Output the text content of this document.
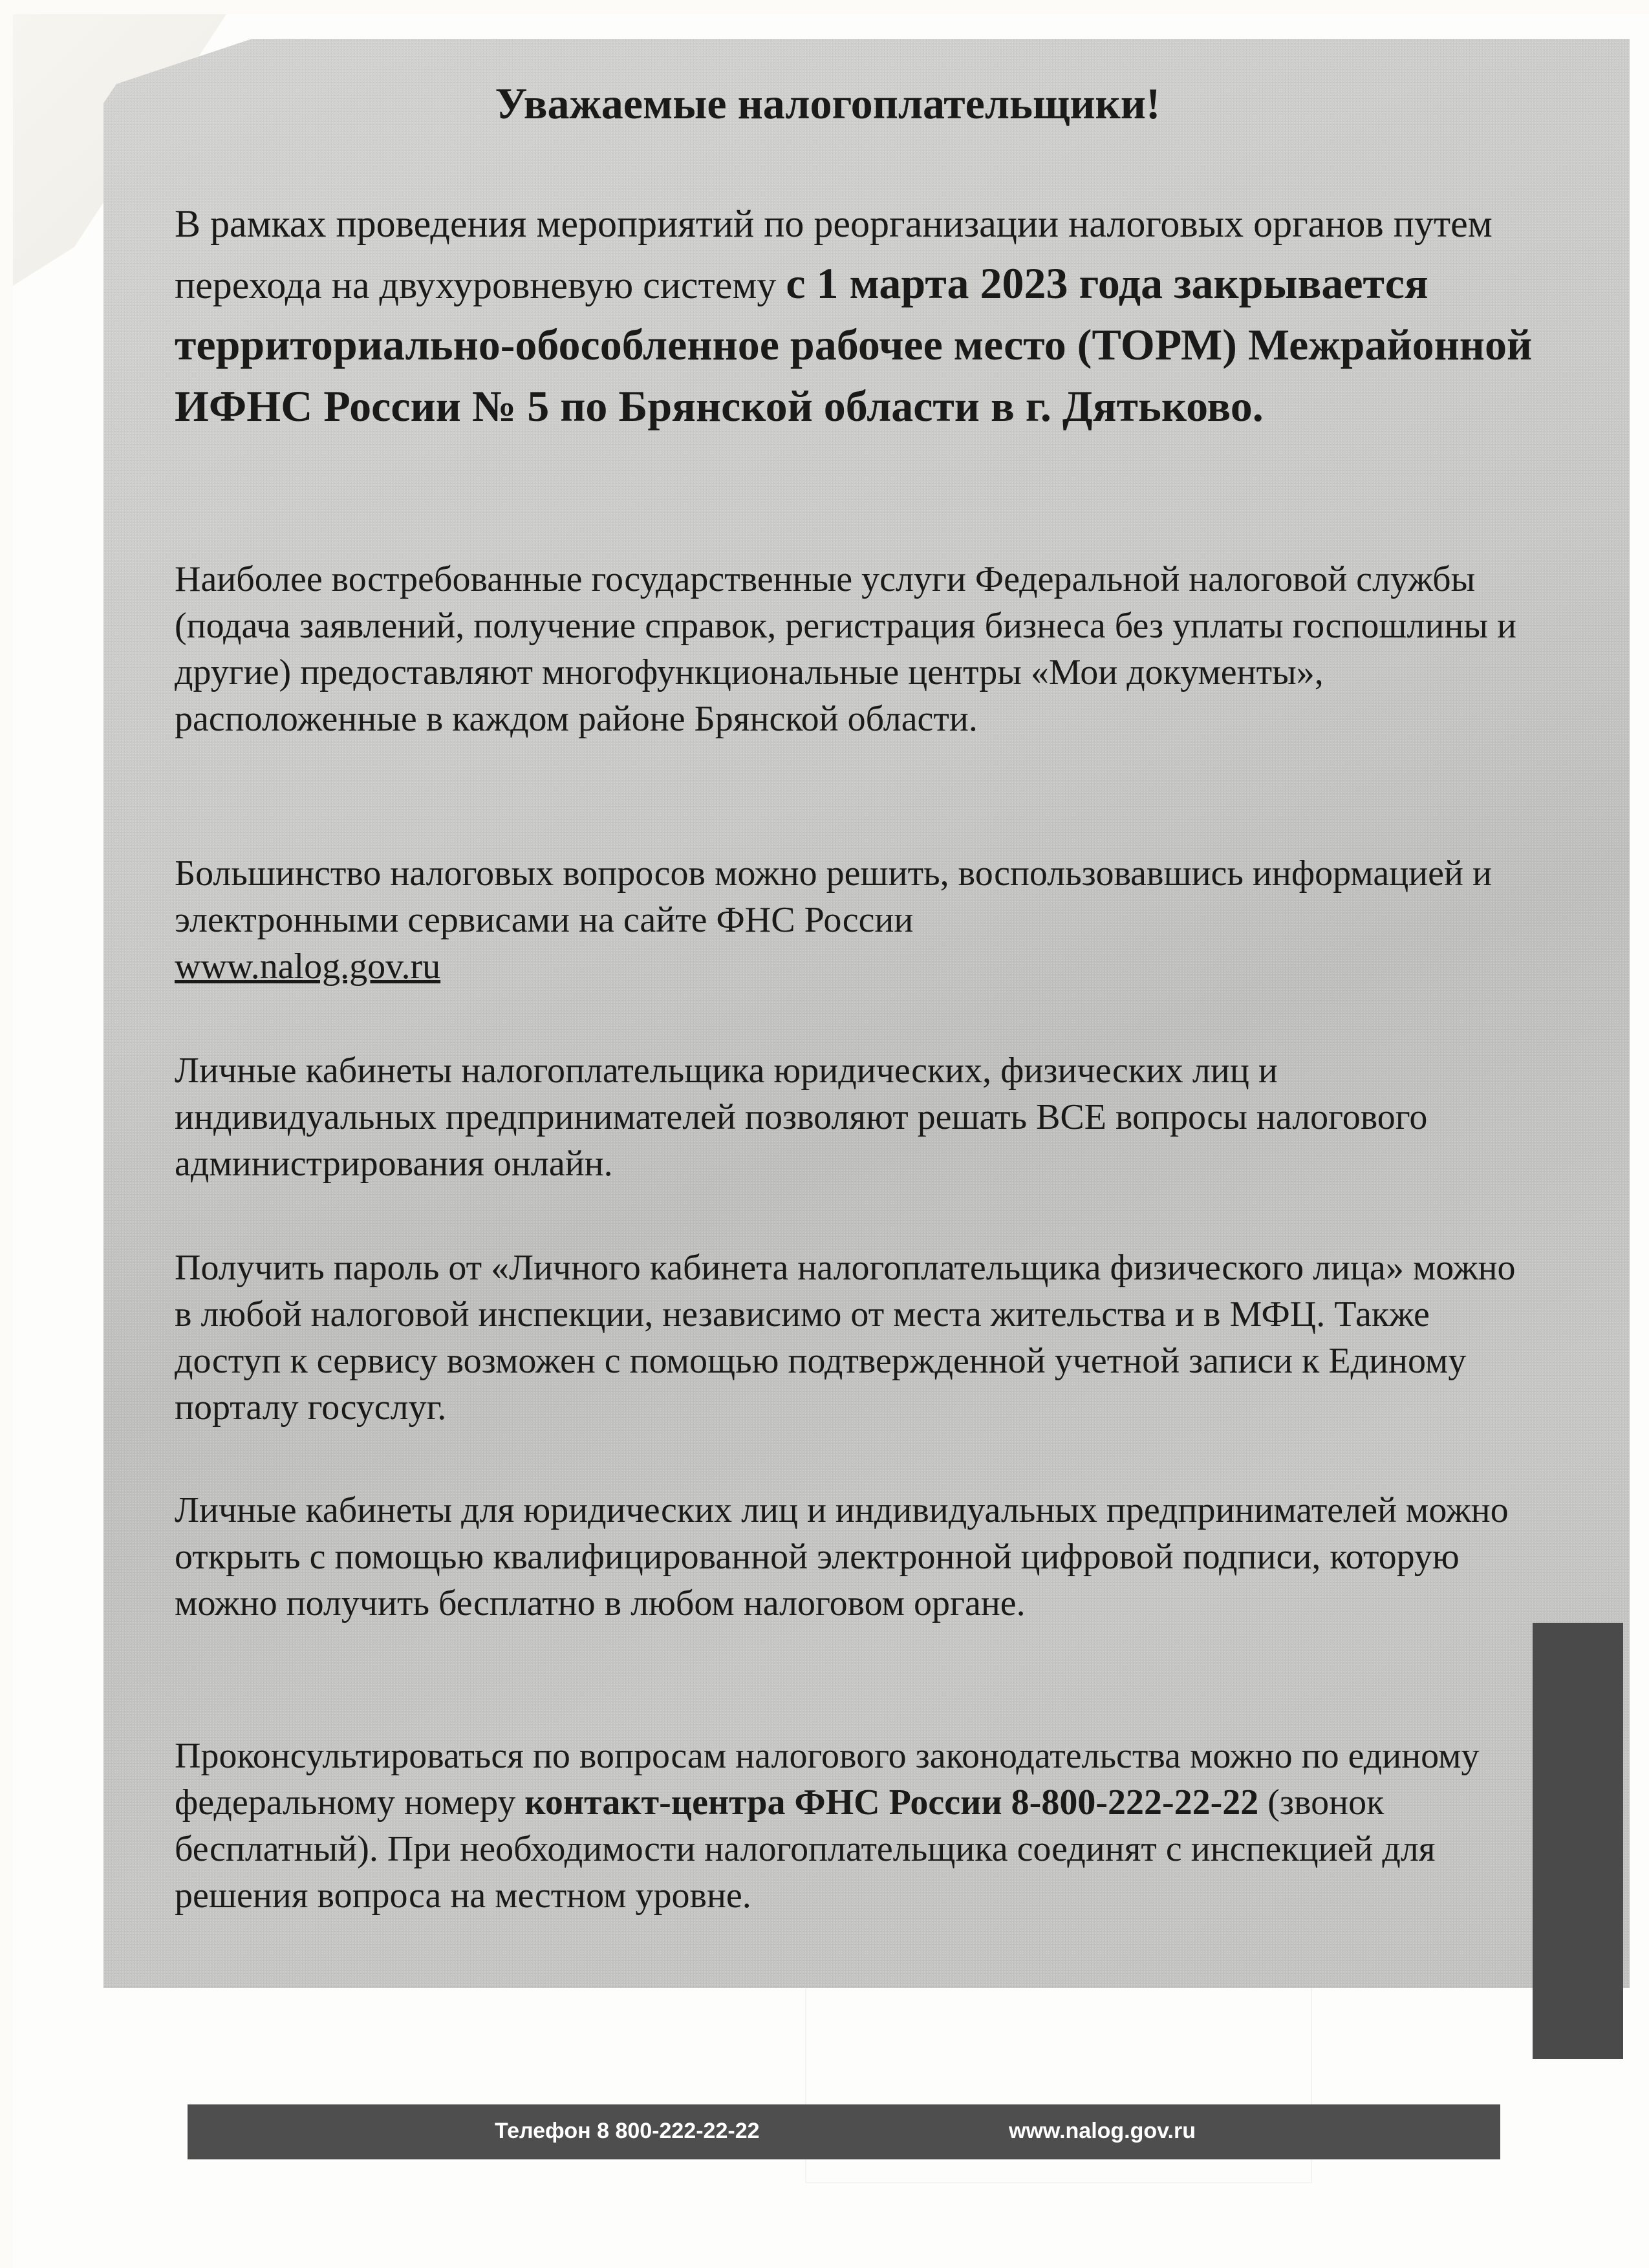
Уважаемые налогоплательщики!
В рамках проведения мероприятий по реорганизации налоговых органов путем перехода на двухуровневую систему с 1 марта 2023 года закрывается территориально-обособленное рабочее место (ТОРМ) Межрайонной ИФНС России № 5 по Брянской области в г. Дятьково.
Наиболее востребованные государственные услуги Федеральной налоговой службы (подача заявлений, получение справок, регистрация бизнеса без уплаты госпошлины и другие) предоставляют многофункциональные центры «Мои документы», расположенные в каждом районе Брянской области.
Большинство налоговых вопросов можно решить, воспользовавшись информацией и электронными сервисами на сайте ФНС России
www.nalog.gov.ru
Личные кабинеты налогоплательщика юридических, физических лиц и индивидуальных предпринимателей позволяют решать ВСЕ вопросы налогового администрирования онлайн.
Получить пароль от «Личного кабинета налогоплательщика физического лица» можно в любой налоговой инспекции, независимо от места жительства и в МФЦ. Также доступ к сервису возможен с помощью подтвержденной учетной записи к Единому порталу госуслуг.
Личные кабинеты для юридических лиц и индивидуальных предпринимателей можно открыть с помощью квалифицированной электронной цифровой подписи, которую можно получить бесплатно в любом налоговом органе.
Проконсультироваться по вопросам налогового законодательства можно по единому федеральному номеру контакт-центра ФНС России 8-800-222-22-22 (звонок бесплатный). При необходимости налогоплательщика соединят с инспекцией для решения вопроса на местном уровне.
Телефон 8 800-222-22-22	www.nalog.gov.ru
